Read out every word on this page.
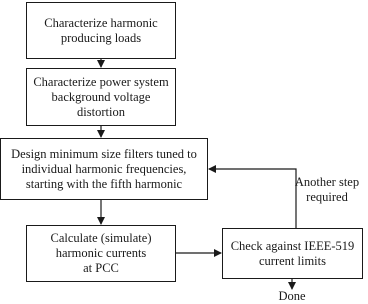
Characterize harmonic
producing loads
Characterize power system
background voltage
distortion
Design minimum size filters tuned to
individual harmonic frequencies,
starting with the fifth harmonic
Calculate (simulate)
harmonic currents
at PCC
Check against IEEE-519
current limits
Another step
required
Done
